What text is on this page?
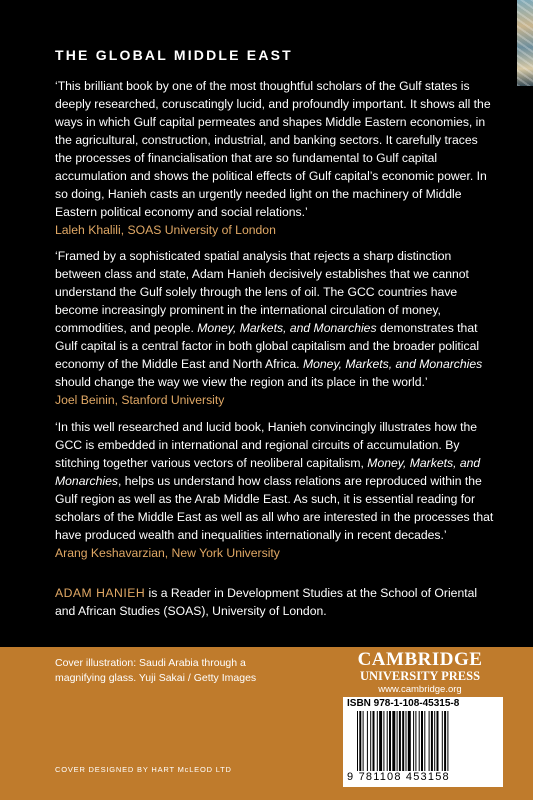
THE GLOBAL MIDDLE EAST

‘This brilliant book by one of the most thoughtful scholars of the Gulf states is deeply researched, coruscatingly lucid, and profoundly important. It shows all the ways in which Gulf capital permeates and shapes Middle Eastern economies, in the agricultural, construction, industrial, and banking sectors. It carefully traces the processes of financialisation that are so fundamental to Gulf capital accumulation and shows the political effects of Gulf capital’s economic power. In so doing, Hanieh casts an urgently needed light on the machinery of Middle Eastern political economy and social relations.’

Laleh Khalili, SOAS University of London

‘Framed by a sophisticated spatial analysis that rejects a sharp distinction between class and state, Adam Hanieh decisively establishes that we cannot understand the Gulf solely through the lens of oil. The GCC countries have become increasingly prominent in the international circulation of money, commodities, and people. Money, Markets, and Monarchies demonstrates that Gulf capital is a central factor in both global capitalism and the broader political economy of the Middle East and North Africa. Money, Markets, and Monarchies should change the way we view the region and its place in the world.’

Joel Beinin, Stanford University

‘In this well researched and lucid book, Hanieh convincingly illustrates how the GCC is embedded in international and regional circuits of accumulation. By stitching together various vectors of neoliberal capitalism, Money, Markets, and Monarchies, helps us understand how class relations are reproduced within the Gulf region as well as the Arab Middle East. As such, it is essential reading for scholars of the Middle East as well as all who are interested in the processes that have produced wealth and inequalities internationally in recent decades.’

Arang Keshavarzian, New York University

ADAM HANIEH is a Reader in Development Studies at the School of Oriental and African Studies (SOAS), University of London.
Cover illustration: Saudi Arabia through a magnifying glass. Yuji Sakai / Getty Images
CAMBRIDGE
UNIVERSITY PRESS
www.cambridge.org
ISBN 978-1-108-45315-8
9 781108 453158
COVER DESIGNED BY HART McLEOD LTD
